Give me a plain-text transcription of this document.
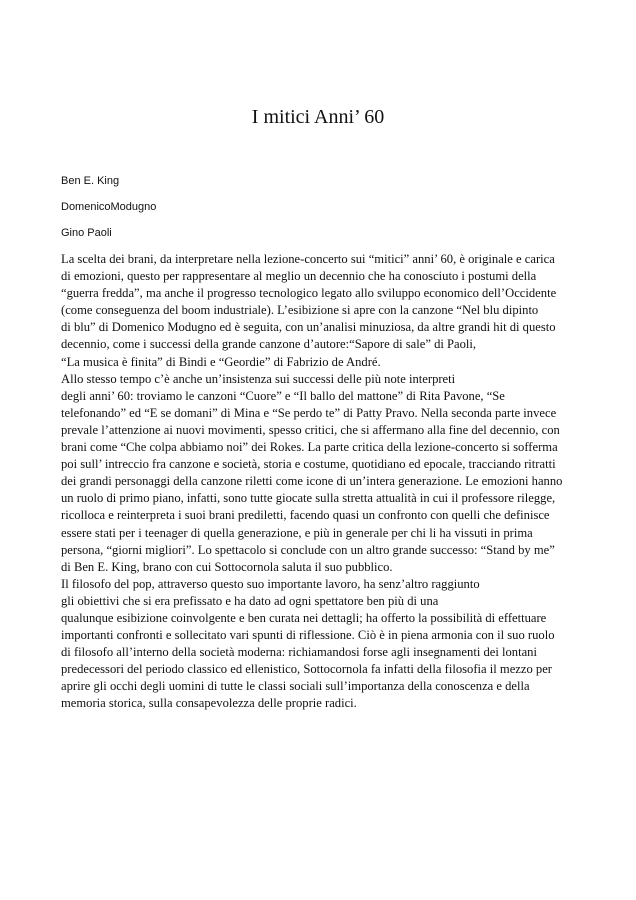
I mitici Anni’ 60

Ben E. King

DomenicoModugno

Gino Paoli

La scelta dei brani, da interpretare nella lezione-concerto sui “mitici” anni’ 60, è originale e carica
di emozioni, questo per rappresentare al meglio un decennio che ha conosciuto i postumi della
“guerra fredda”, ma anche il progresso tecnologico legato allo sviluppo economico dell’Occidente
(come conseguenza del boom industriale). L’esibizione si apre con la canzone “Nel blu dipinto
di blu” di Domenico Modugno ed è seguita, con un’analisi minuziosa, da altre grandi hit di questo
decennio, come i successi della grande canzone d’autore:“Sapore di sale” di Paoli,
“La musica è finita” di Bindi e “Geordie” di Fabrizio de André.
Allo stesso tempo c’è anche un’insistenza sui successi delle più note interpreti
degli anni’ 60: troviamo le canzoni “Cuore” e “Il ballo del mattone” di Rita Pavone, “Se
telefonando” ed “E se domani” di Mina e “Se perdo te” di Patty Pravo. Nella seconda parte invece
prevale l’attenzione ai nuovi movimenti, spesso critici, che si affermano alla fine del decennio, con
brani come “Che colpa abbiamo noi” dei Rokes. La parte critica della lezione-concerto si sofferma
poi sull’ intreccio fra canzone e società, storia e costume, quotidiano ed epocale, tracciando ritratti
dei grandi personaggi della canzone riletti come icone di un’intera generazione. Le emozioni hanno
un ruolo di primo piano, infatti, sono tutte giocate sulla stretta attualità in cui il professore rilegge,
ricolloca e reinterpreta i suoi brani prediletti, facendo quasi un confronto con quelli che definisce
essere stati per i teenager di quella generazione, e più in generale per chi li ha vissuti in prima
persona, “giorni migliori”. Lo spettacolo si conclude con un altro grande successo: “Stand by me”
di Ben E. King, brano con cui Sottocornola saluta il suo pubblico.
Il filosofo del pop, attraverso questo suo importante lavoro, ha senz’altro raggiunto
gli obiettivi che si era prefissato e ha dato ad ogni spettatore ben più di una
qualunque esibizione coinvolgente e ben curata nei dettagli; ha offerto la possibilità di effettuare
importanti confronti e sollecitato vari spunti di riflessione. Ciò è in piena armonia con il suo ruolo
di filosofo all’interno della società moderna: richiamandosi forse agli insegnamenti dei lontani
predecessori del periodo classico ed ellenistico, Sottocornola fa infatti della filosofia il mezzo per
aprire gli occhi degli uomini di tutte le classi sociali sull’importanza della conoscenza e della
memoria storica, sulla consapevolezza delle proprie radici.
